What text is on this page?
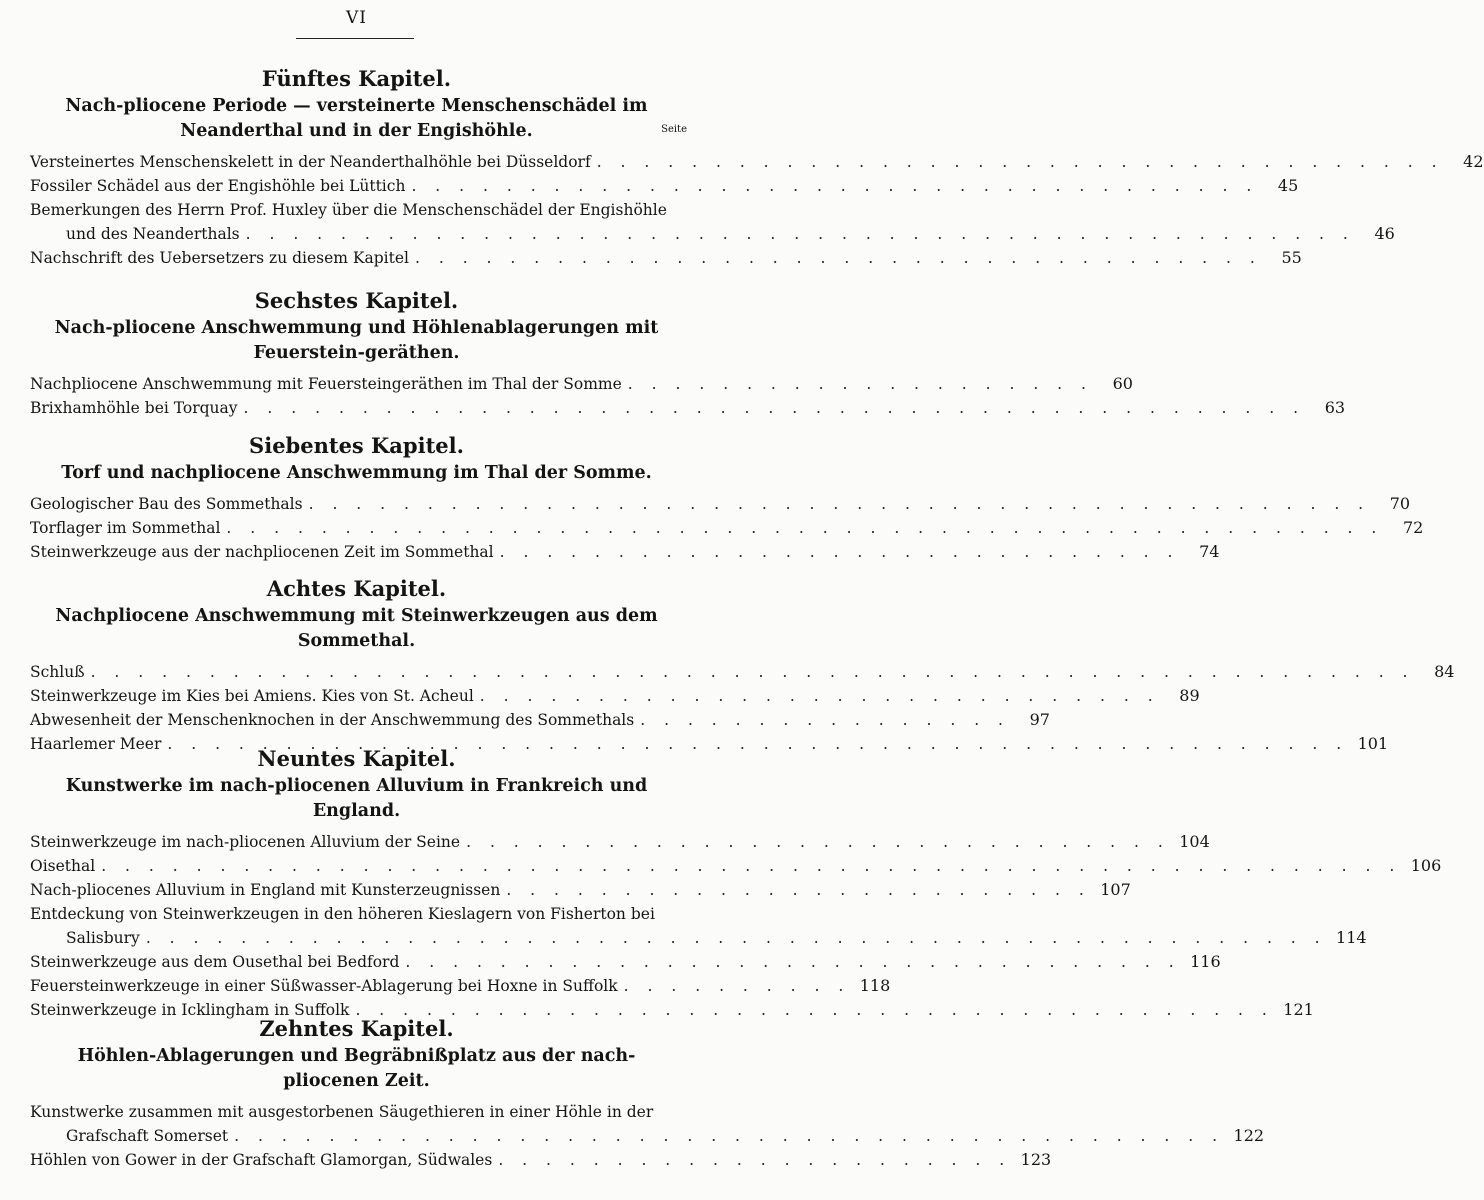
VI
Fünftes Kapitel.
Nach-pliocene Periode — versteinerte Menschenschädel im Neanderthal und in der Engishöhle.	Seite
Versteinertes Menschenskelett in der Neanderthalhöhle bei Düsseldorf . . . . . . . . . . . . . . . . . . . . . . . . . . . . . . . . . . . .	42
Fossiler Schädel aus der Engishöhle bei Lüttich . . . . . . . . . . . . . . . . . . . . . . . . . . . . . . . . . . . .	45
Bemerkungen des Herrn Prof. Huxley über die Menschenschädel der Engishöhle
und des Neanderthals . . . . . . . . . . . . . . . . . . . . . . . . . . . . . . . . . . . . . . . . . . . . . . .	46
Nachschrift des Uebersetzers zu diesem Kapitel . . . . . . . . . . . . . . . . . . . . . . . . . . . . . . . . . . . .	55
Sechstes Kapitel.
Nach-pliocene Anschwemmung und Höhlenablagerungen mit Feuerstein-geräthen.
Nachpliocene Anschwemmung mit Feuersteingeräthen im Thal der Somme . . . . . . . . . . . . . . . . . . . .	60
Brixhamhöhle bei Torquay . . . . . . . . . . . . . . . . . . . . . . . . . . . . . . . . . . . . . . . . . . . . .	63
Siebentes Kapitel.
Torf und nachpliocene Anschwemmung im Thal der Somme.
Geologischer Bau des Sommethals . . . . . . . . . . . . . . . . . . . . . . . . . . . . . . . . . . . . . . . . . . . . .	70
Torflager im Sommethal . . . . . . . . . . . . . . . . . . . . . . . . . . . . . . . . . . . . . . . . . . . . . . . . .	72
Steinwerkzeuge aus der nachpliocenen Zeit im Sommethal . . . . . . . . . . . . . . . . . . . . . . . . . . . . .	74
Achtes Kapitel.
Nachpliocene Anschwemmung mit Steinwerkzeugen aus dem Sommethal.
Schluß . . . . . . . . . . . . . . . . . . . . . . . . . . . . . . . . . . . . . . . . . . . . . . . . . . . . . . . .	84
Steinwerkzeuge im Kies bei Amiens. Kies von St. Acheul . . . . . . . . . . . . . . . . . . . . . . . . . . . . .	89
Abwesenheit der Menschenknochen in der Anschwemmung des Sommethals . . . . . . . . . . . . . . . .	97
Haarlemer Meer . . . . . . . . . . . . . . . . . . . . . . . . . . . . . . . . . . . . . . . . . . . . . . . . . . 101
Neuntes Kapitel.
Kunstwerke im nach-pliocenen Alluvium in Frankreich und England.
Steinwerkzeuge im nach-pliocenen Alluvium der Seine . . . . . . . . . . . . . . . . . . . . . . . . . . . . . . 104
Oisethal . . . . . . . . . . . . . . . . . . . . . . . . . . . . . . . . . . . . . . . . . . . . . . . . . . . . . . . 106
Nach-pliocenes Alluvium in England mit Kunsterzeugnissen . . . . . . . . . . . . . . . . . . . . . . . . . 107
Entdeckung von Steinwerkzeugen in den höheren Kieslagern von Fisherton bei
Salisbury . . . . . . . . . . . . . . . . . . . . . . . . . . . . . . . . . . . . . . . . . . . . . . . . . . 114
Steinwerkzeuge aus dem Ousethal bei Bedford . . . . . . . . . . . . . . . . . . . . . . . . . . . . . . . . . 116
Feuersteinwerkzeuge in einer Süßwasser-Ablagerung bei Hoxne in Suffolk . . . . . . . . . . 118
Steinwerkzeuge in Icklingham in Suffolk . . . . . . . . . . . . . . . . . . . . . . . . . . . . . . . . . . . . . . . 121
Zehntes Kapitel.
Höhlen-Ablagerungen und Begräbnißplatz aus der nach-pliocenen Zeit.
Kunstwerke zusammen mit ausgestorbenen Säugethieren in einer Höhle in der
Grafschaft Somerset . . . . . . . . . . . . . . . . . . . . . . . . . . . . . . . . . . . . . . . . . . 122
Höhlen von Gower in der Grafschaft Glamorgan, Südwales . . . . . . . . . . . . . . . . . . . . . . 123
